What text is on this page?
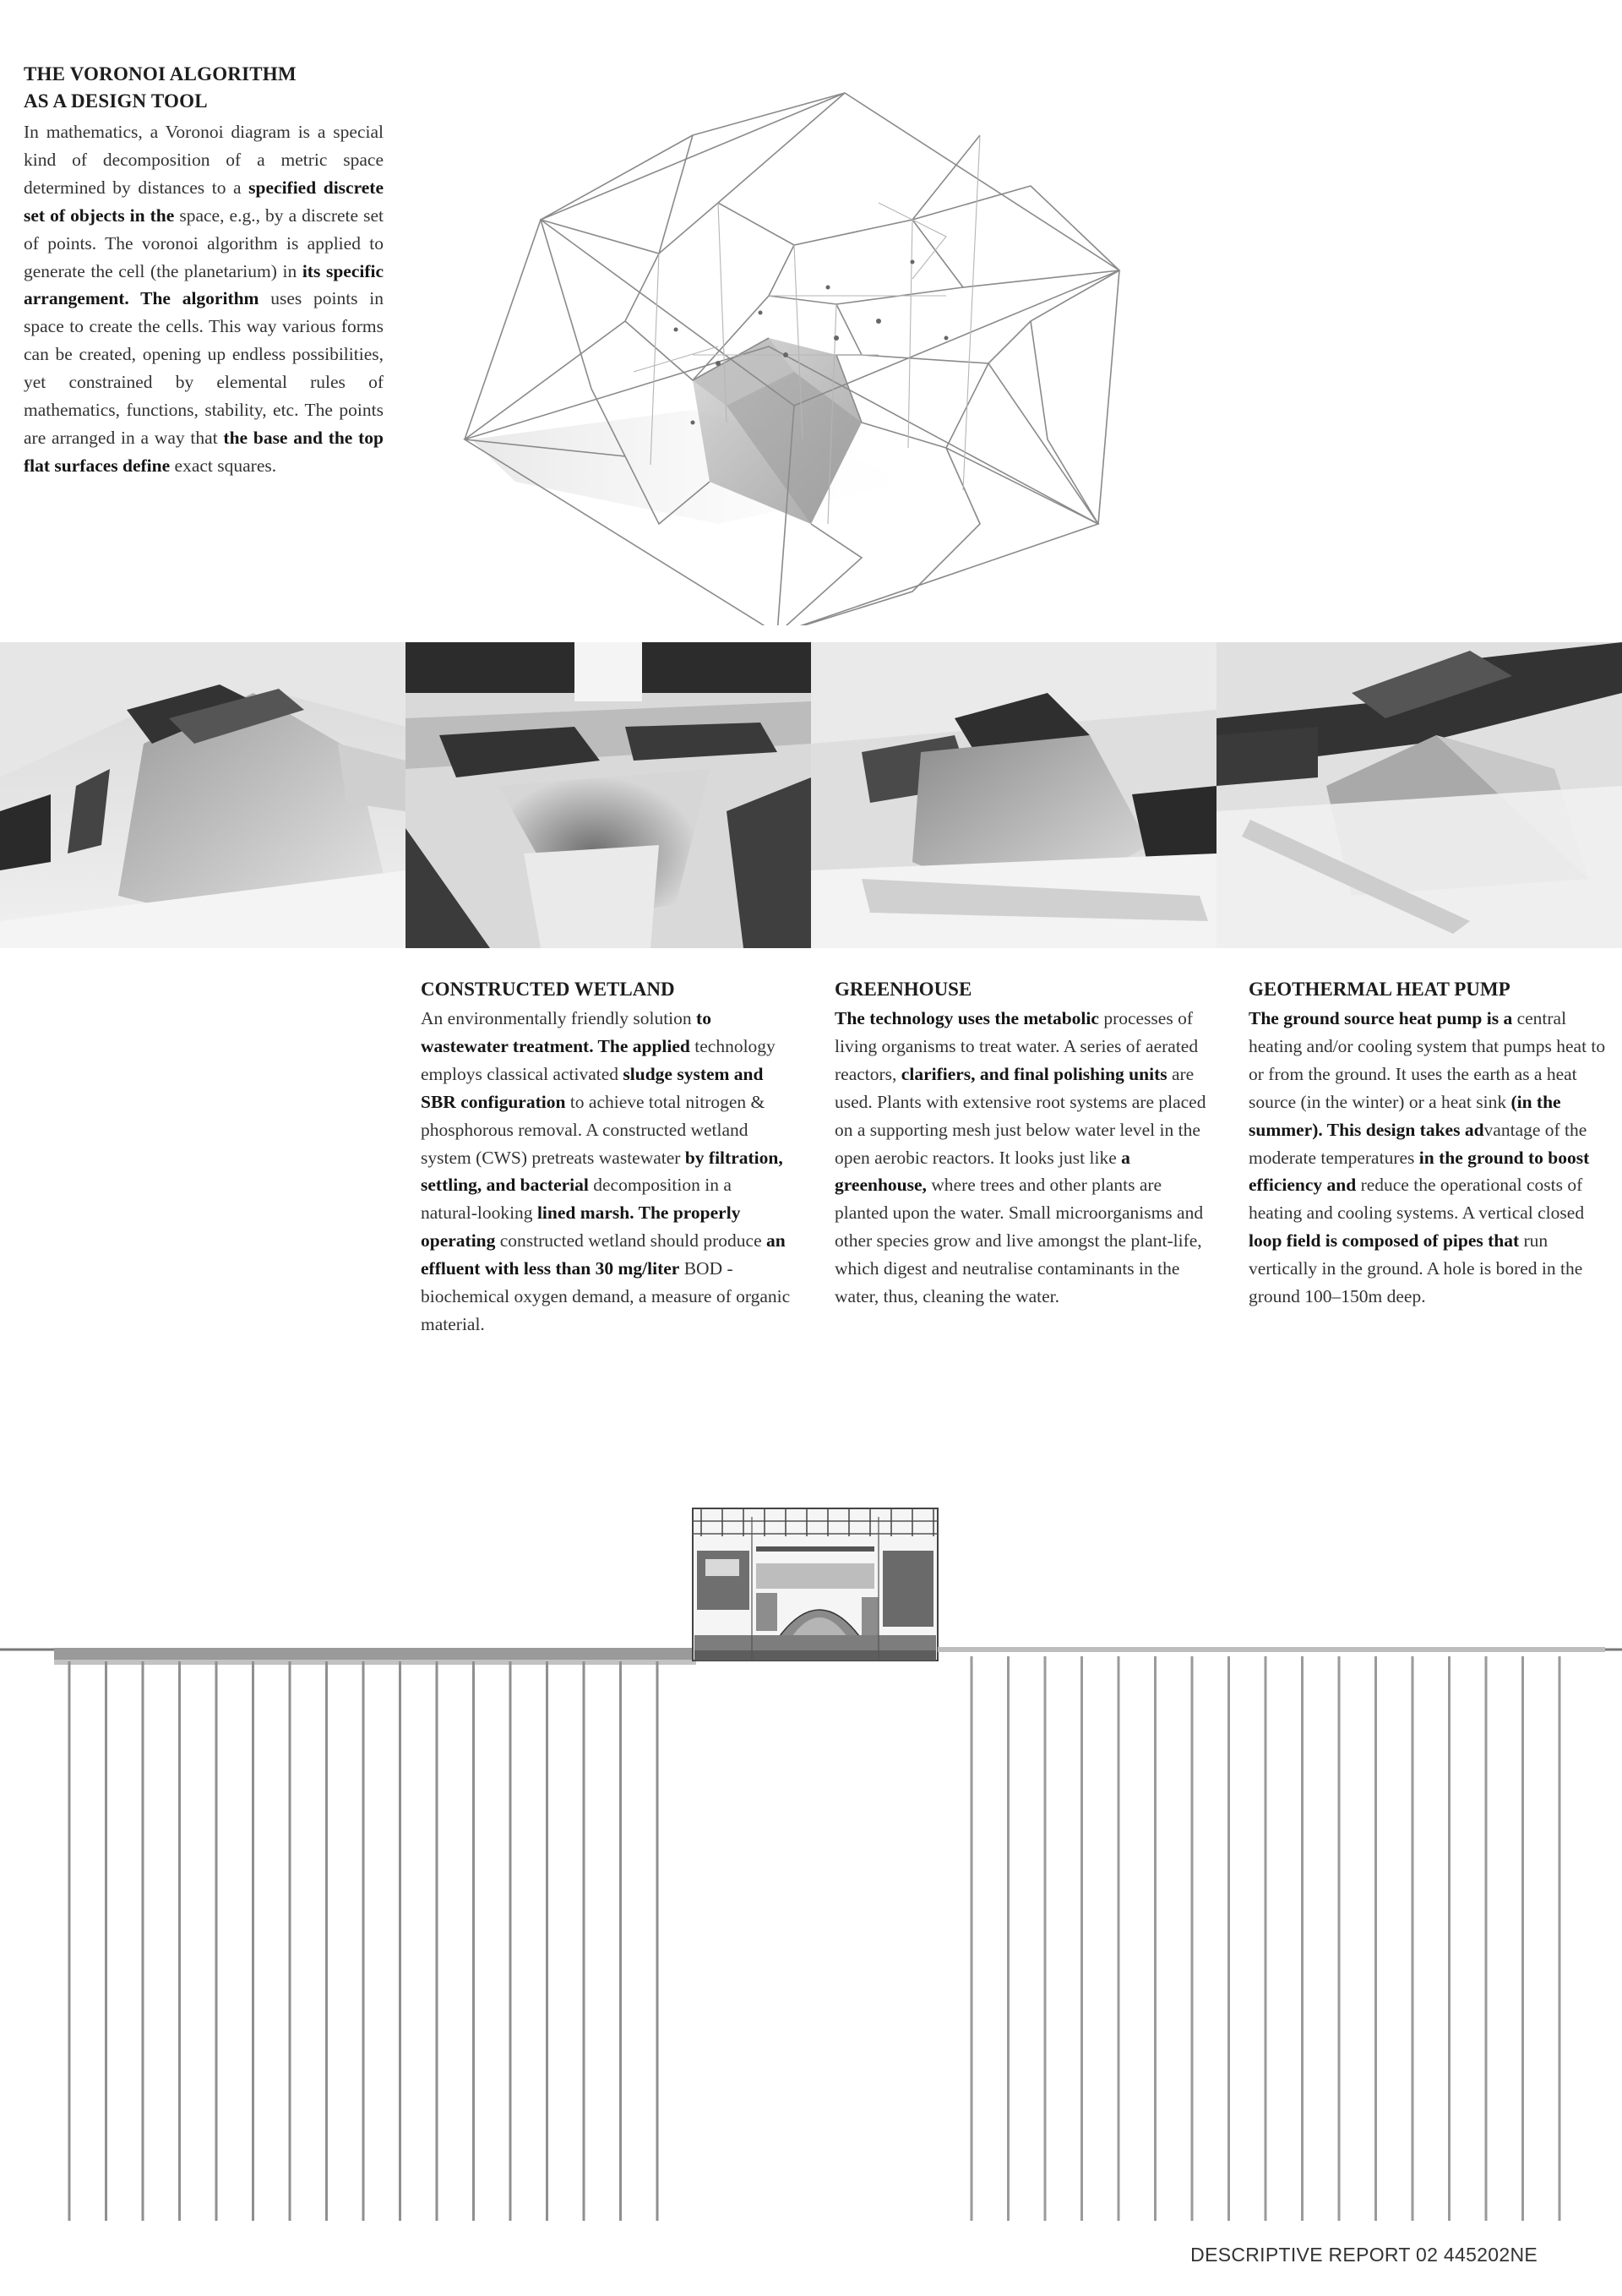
THE VORONOI ALGORITHM
AS A DESIGN TOOL

In mathematics, a Voronoi diagram is a special kind of decomposition of a metric space determined by distances to a specified discrete set of objects in the space, e.g., by a discrete set of points. The voronoi algorithm is applied to generate the cell (the planetarium) in its specific arrangement. The algorithm uses points in space to create the cells. This way various forms can be created, opening up endless possibilities, yet constrained by elemental rules of mathematics, functions, stability, etc. The points are arranged in a way that the base and the top flat surfaces define exact squares.

CONSTRUCTED WETLAND

An environmentally friendly solution to wastewater treatment. The applied technology employs classical activated sludge system and SBR configuration to achieve total nitrogen & phosphorous removal. A constructed wetland system (CWS) pretreats wastewater by filtration, settling, and bacterial decomposition in a natural-looking lined marsh. The properly operating constructed wetland should produce an effluent with less than 30 mg/liter BOD - biochemical oxygen demand, a measure of organic material.

GREENHOUSE

The technology uses the metabolic processes of living organisms to treat water. A series of aerated reactors, clarifiers, and final polishing units are used. Plants with extensive root systems are placed on a supporting mesh just below water level in the open aerobic reactors. It looks just like a greenhouse, where trees and other plants are planted upon the water. Small microorganisms and other species grow and live amongst the plant-life, which digest and neutralise contaminants in the water, thus, cleaning the water.

GEOTHERMAL HEAT PUMP

The ground source heat pump is a central heating and/or cooling system that pumps heat to or from the ground. It uses the earth as a heat source (in the winter) or a heat sink (in the summer). This design takes advantage of the moderate temperatures in the ground to boost efficiency and reduce the operational costs of heating and cooling systems. A vertical closed loop field is composed of pipes that run vertically in the ground. A hole is bored in the ground 100–150m deep.

DESCRIPTIVE REPORT 02 445202NE
